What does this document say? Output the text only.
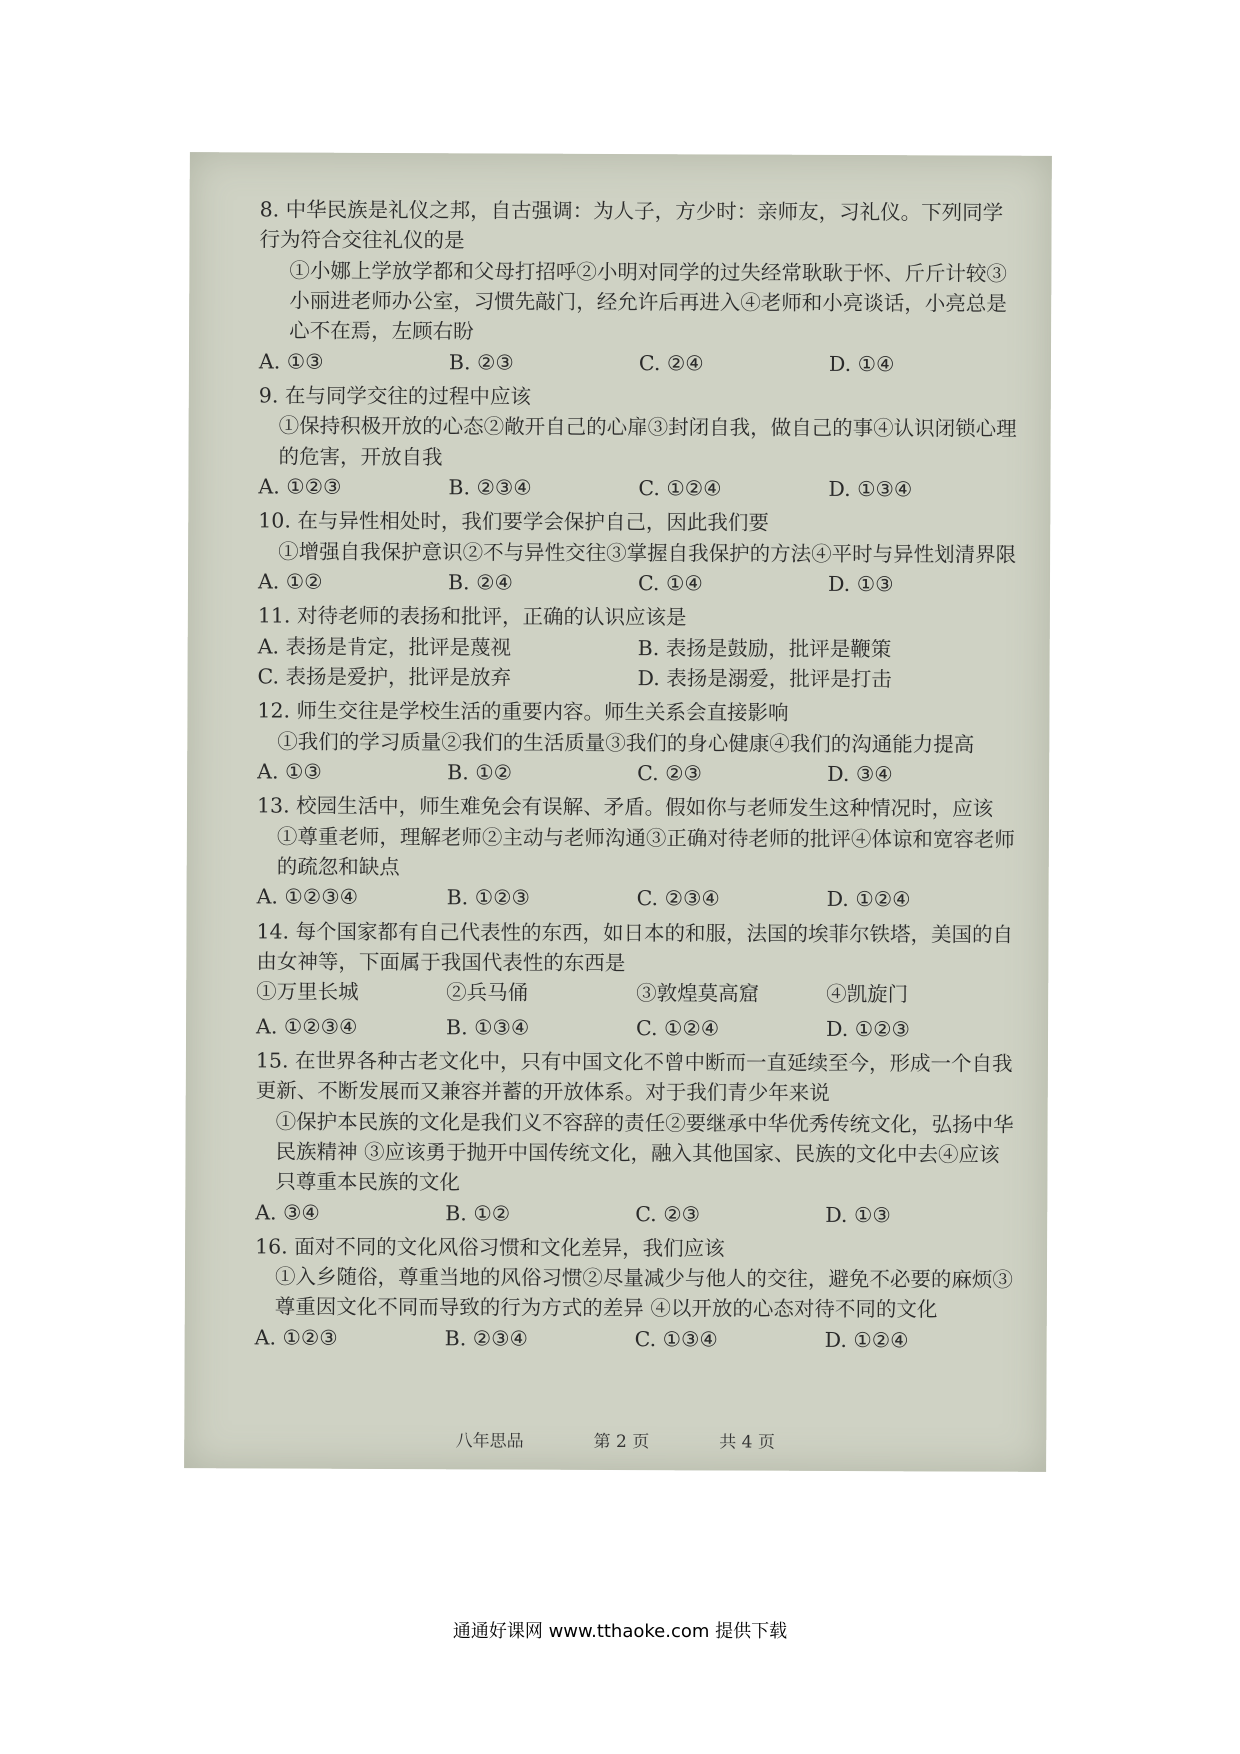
8. 中华民族是礼仪之邦，自古强调：为人子，方少时：亲师友，习礼仪。下列同学行为符合交往礼仪的是

①小娜上学放学都和父母打招呼②小明对同学的过失经常耿耿于怀、斤斤计较③小丽进老师办公室，习惯先敲门，经允许后再进入④老师和小亮谈话，小亮总是心不在焉，左顾右盼

A. ①③	B. ②③	C. ②④	D. ①④

9. 在与同学交往的过程中应该

①保持积极开放的心态②敞开自己的心扉③封闭自我，做自己的事④认识闭锁心理的危害，开放自我

A. ①②③	B. ②③④	C. ①②④	D. ①③④

10. 在与异性相处时，我们要学会保护自己，因此我们要

①增强自我保护意识②不与异性交往③掌握自我保护的方法④平时与异性划清界限

A. ①②	B. ②④	C. ①④	D. ①③

11. 对待老师的表扬和批评，正确的认识应该是

A. 表扬是肯定，批评是蔑视	B. 表扬是鼓励，批评是鞭策
C. 表扬是爱护，批评是放弃	D. 表扬是溺爱，批评是打击

12. 师生交往是学校生活的重要内容。师生关系会直接影响

①我们的学习质量②我们的生活质量③我们的身心健康④我们的沟通能力提高

A. ①③	B. ①②	C. ②③	D. ③④

13. 校园生活中，师生难免会有误解、矛盾。假如你与老师发生这种情况时，应该

①尊重老师，理解老师②主动与老师沟通③正确对待老师的批评④体谅和宽容老师的疏忽和缺点

A. ①②③④	B. ①②③	C. ②③④	D. ①②④

14. 每个国家都有自己代表性的东西，如日本的和服，法国的埃菲尔铁塔，美国的自由女神等，下面属于我国代表性的东西是

①万里长城	②兵马俑	③敦煌莫高窟	④凯旋门
A. ①②③④	B. ①③④	C. ①②④	D. ①②③

15. 在世界各种古老文化中，只有中国文化不曾中断而一直延续至今，形成一个自我更新、不断发展而又兼容并蓄的开放体系。对于我们青少年来说

①保护本民族的文化是我们义不容辞的责任②要继承中华优秀传统文化，弘扬中华民族精神 ③应该勇于抛开中国传统文化，融入其他国家、民族的文化中去④应该只尊重本民族的文化

A. ③④	B. ①②	C. ②③	D. ①③

16. 面对不同的文化风俗习惯和文化差异，我们应该

①入乡随俗，尊重当地的风俗习惯②尽量减少与他人的交往，避免不必要的麻烦③尊重因文化不同而导致的行为方式的差异 ④以开放的心态对待不同的文化

A. ①②③	B. ②③④	C. ①③④	D. ①②④
八年思品	第 2 页	共 4 页
通通好课网 www.tthaoke.com 提供下载
